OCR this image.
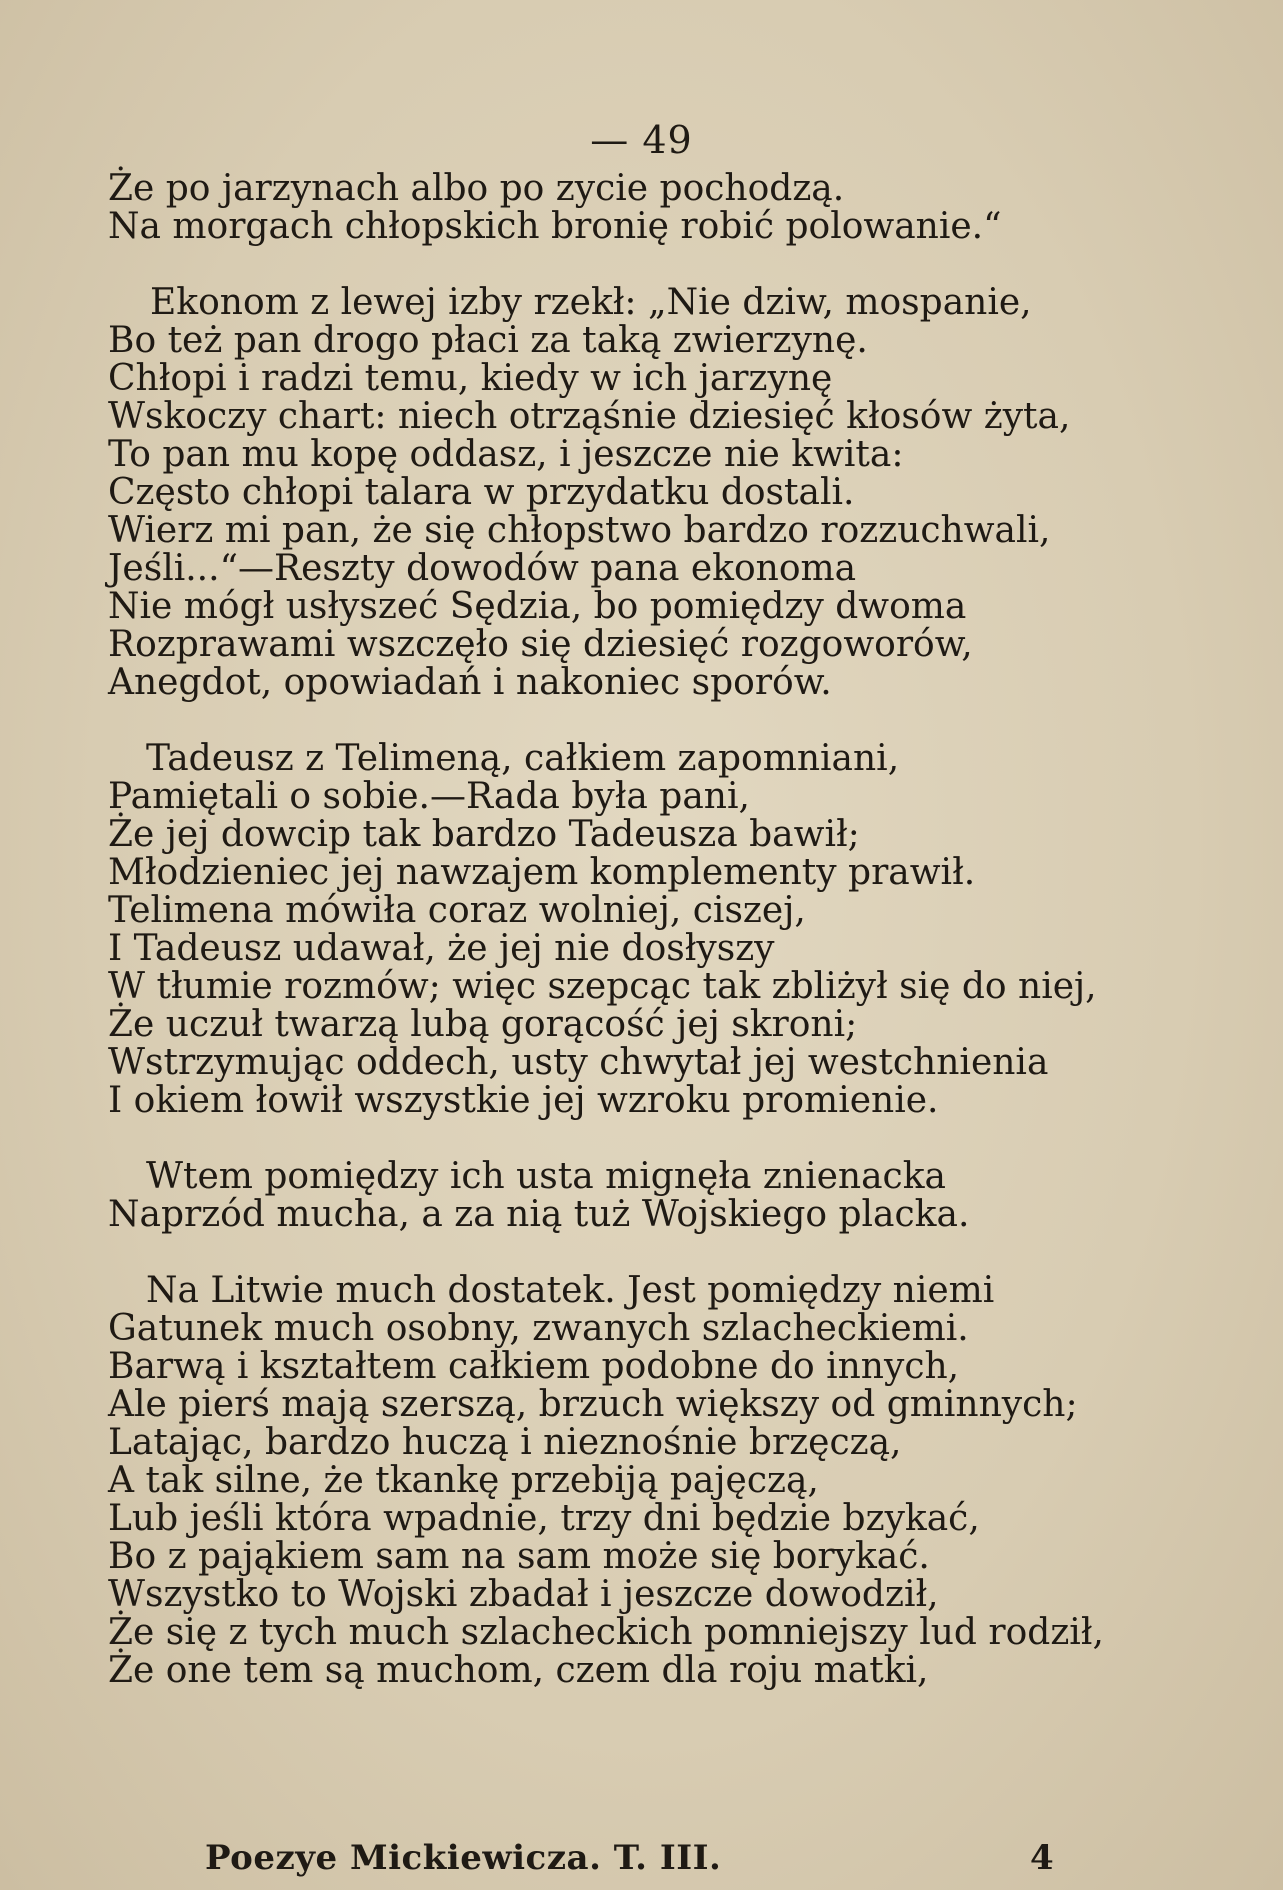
— 49
Że po jarzynach albo po zycie pochodzą.
Na morgach chłopskich bronię robić polowanie.“
Ekonom z lewej izby rzekł: „Nie dziw, mospanie,
Bo też pan drogo płaci za taką zwierzynę.
Chłopi i radzi temu, kiedy w ich jarzynę
Wskoczy chart: niech otrząśnie dziesięć kłosów żyta,
To pan mu kopę oddasz, i jeszcze nie kwita:
Często chłopi talara w przydatku dostali.
Wierz mi pan, że się chłopstwo bardzo rozzuchwali,
Jeśli...“—Reszty dowodów pana ekonoma
Nie mógł usłyszeć Sędzia, bo pomiędzy dwoma
Rozprawami wszczęło się dziesięć rozgoworów,
Anegdot, opowiadań i nakoniec sporów.
Tadeusz z Telimeną, całkiem zapomniani,
Pamiętali o sobie.—Rada była pani,
Że jej dowcip tak bardzo Tadeusza bawił;
Młodzieniec jej nawzajem komplementy prawił.
Telimena mówiła coraz wolniej, ciszej,
I Tadeusz udawał, że jej nie dosłyszy
W tłumie rozmów; więc szepcąc tak zbliżył się do niej,
Że uczuł twarzą lubą gorącość jej skroni;
Wstrzymując oddech, usty chwytał jej westchnienia
I okiem łowił wszystkie jej wzroku promienie.
Wtem pomiędzy ich usta mignęła znienacka
Naprzód mucha, a za nią tuż Wojskiego placka.
Na Litwie much dostatek. Jest pomiędzy niemi
Gatunek much osobny, zwanych szlacheckiemi.
Barwą i kształtem całkiem podobne do innych,
Ale pierś mają szerszą, brzuch większy od gminnych;
Latając, bardzo huczą i nieznośnie brzęczą,
A tak silne, że tkankę przebiją pajęczą,
Lub jeśli która wpadnie, trzy dni będzie bzykać,
Bo z pająkiem sam na sam może się borykać.
Wszystko to Wojski zbadał i jeszcze dowodził,
Że się z tych much szlacheckich pomniejszy lud rodził,
Że one tem są muchom, czem dla roju matki,
Poezye Mickiewicza. T. III.	4
